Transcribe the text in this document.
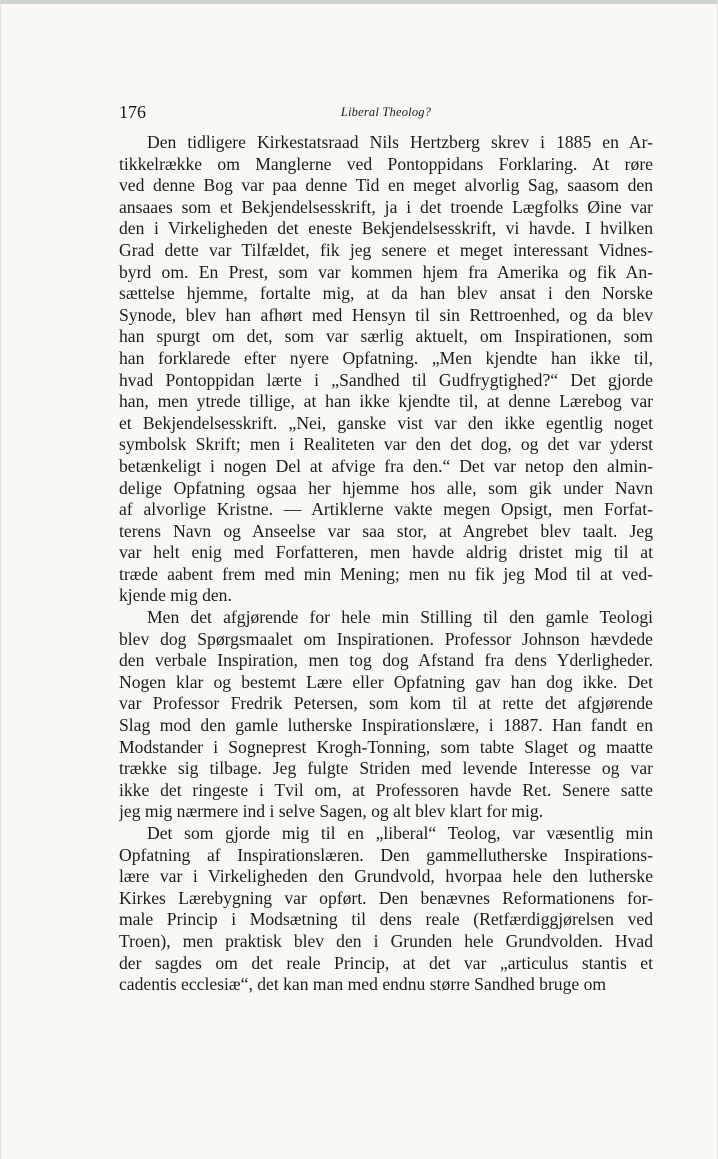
176	Liberal Theolog?
Den tidligere Kirkestatsraad Nils Hertzberg skrev i 1885 en Ar-
tikkelrække om Manglerne ved Pontoppidans Forklaring. At røre
ved denne Bog var paa denne Tid en meget alvorlig Sag, saasom den
ansaaes som et Bekjendelsesskrift, ja i det troende Lægfolks Øine var
den i Virkeligheden det eneste Bekjendelsesskrift, vi havde. I hvilken
Grad dette var Tilfældet, fik jeg senere et meget interessant Vidnes-
byrd om. En Prest, som var kommen hjem fra Amerika og fik An-
sættelse hjemme, fortalte mig, at da han blev ansat i den Norske
Synode, blev han afhørt med Hensyn til sin Rettroenhed, og da blev
han spurgt om det, som var særlig aktuelt, om Inspirationen, som
han forklarede efter nyere Opfatning. „Men kjendte han ikke til,
hvad Pontoppidan lærte i „Sandhed til Gudfrygtighed?“ Det gjorde
han, men ytrede tillige, at han ikke kjendte til, at denne Lærebog var
et Bekjendelsesskrift. „Nei, ganske vist var den ikke egentlig noget
symbolsk Skrift; men i Realiteten var den det dog, og det var yderst
betænkeligt i nogen Del at afvige fra den.“ Det var netop den almin-
delige Opfatning ogsaa her hjemme hos alle, som gik under Navn
af alvorlige Kristne. — Artiklerne vakte megen Opsigt, men Forfat-
terens Navn og Anseelse var saa stor, at Angrebet blev taalt. Jeg
var helt enig med Forfatteren, men havde aldrig dristet mig til at
træde aabent frem med min Mening; men nu fik jeg Mod til at ved-
kjende mig den.
Men det afgjørende for hele min Stilling til den gamle Teologi
blev dog Spørgsmaalet om Inspirationen. Professor Johnson hævdede
den verbale Inspiration, men tog dog Afstand fra dens Yderligheder.
Nogen klar og bestemt Lære eller Opfatning gav han dog ikke. Det
var Professor Fredrik Petersen, som kom til at rette det afgjørende
Slag mod den gamle lutherske Inspirationslære, i 1887. Han fandt en
Modstander i Sogneprest Krogh-Tonning, som tabte Slaget og maatte
trække sig tilbage. Jeg fulgte Striden med levende Interesse og var
ikke det ringeste i Tvil om, at Professoren havde Ret. Senere satte
jeg mig nærmere ind i selve Sagen, og alt blev klart for mig.
Det som gjorde mig til en „liberal“ Teolog, var væsentlig min
Opfatning af Inspirationslæren. Den gammellutherske Inspirations-
lære var i Virkeligheden den Grundvold, hvorpaa hele den lutherske
Kirkes Lærebygning var opført. Den benævnes Reformationens for-
male Princip i Modsætning til dens reale (Retfærdiggjørelsen ved
Troen), men praktisk blev den i Grunden hele Grundvolden. Hvad
der sagdes om det reale Princip, at det var „articulus stantis et
cadentis ecclesiæ“, det kan man med endnu større Sandhed bruge om
